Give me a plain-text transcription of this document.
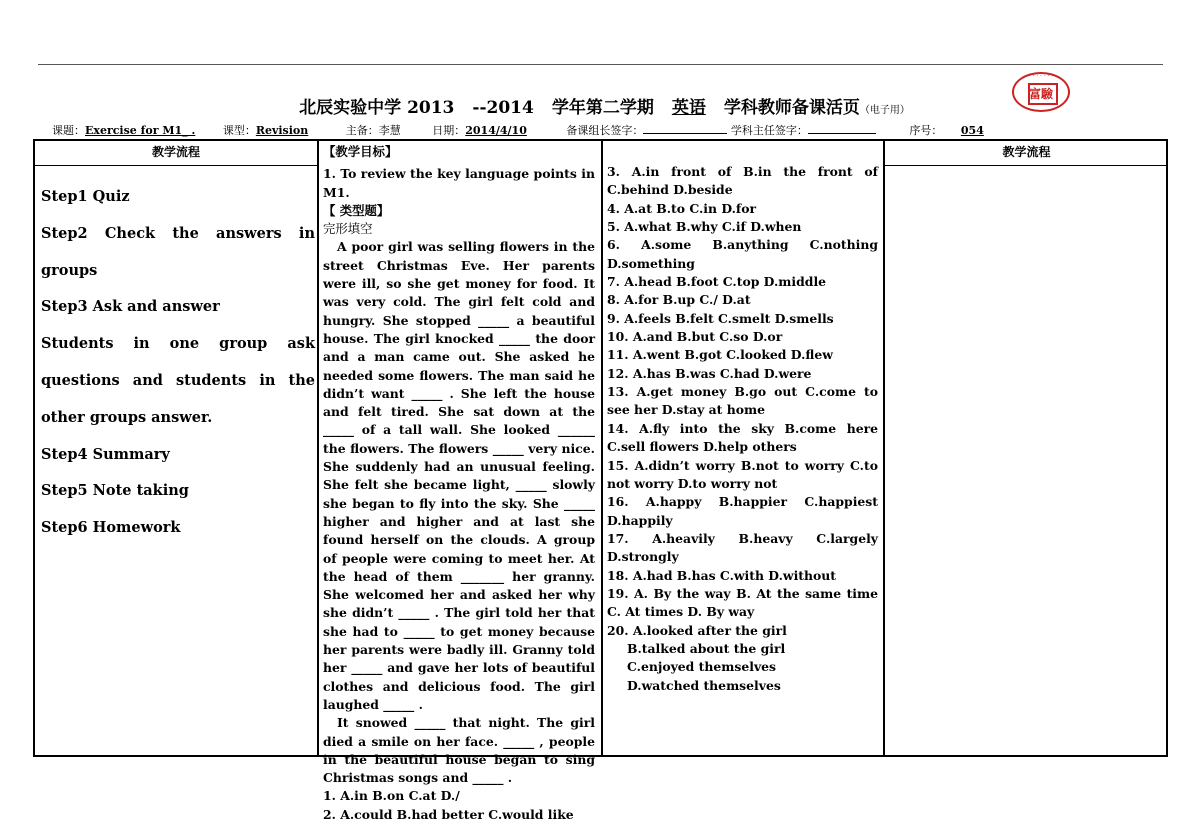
· · · · · · ·
富驗
北辰实验中学 2013 --2014 学年第二学期 英语 学科教师备课活页（电子用）
课题：Exercise for M1_ .	课型：Revision	主备：李慧	日期：2014/4/10	备课组长签字：	学科主任签字：	序号： 054
教学流程	教学流程
Step1 Quiz
Step2 Check the answers in groups
Step3 Ask and answer
Students in one group ask questions and students in the other groups answer.
Step4 Summary
Step5 Note taking
Step6 Homework

【教学目标】

1. To review the key language points in M1.

【 类型题】

完形填空

A poor girl was selling flowers in the street Christmas Eve. Her parents were ill, so she get money for food. It was very cold. The girl felt cold and hungry. She stopped _____ a beautiful house. The girl knocked _____ the door and a man came out. She asked he needed some flowers. The man said he didn’t want _____ . She left the house and felt tired. She sat down at the _____ of a tall wall. She looked ______ the flowers. The flowers _____ very nice. She suddenly had an unusual feeling. She felt she became light, _____ slowly she began to fly into the sky. She _____ higher and higher and at last she found herself on the clouds. A group of people were coming to meet her. At the head of them _______ her granny. She welcomed her and asked her why she didn’t _____ . The girl told her that she had to _____ to get money because her parents were badly ill. Granny told her _____ and gave her lots of beautiful clothes and delicious food. The girl laughed _____ .

It snowed _____ that night. The girl died a smile on her face. _____ , people in the beautiful house began to sing Christmas songs and _____ .

1. A.in B.on C.at D./

2. A.could B.had better C.would like

3. A.in front of B.in the front of C.behind D.beside

4. A.at B.to C.in D.for

5. A.what B.why C.if D.when

6. A.some B.anything C.nothing D.something

7. A.head B.foot C.top D.middle

8. A.for B.up C./ D.at

9. A.feels B.felt C.smelt D.smells

10. A.and B.but C.so D.or

11. A.went B.got C.looked D.flew

12. A.has B.was C.had D.were

13. A.get money B.go out C.come to see her D.stay at home

14. A.fly into the sky B.come here C.sell flowers D.help others

15. A.didn’t worry B.not to worry C.to not worry D.to worry not

16. A.happy B.happier C.happiest D.happily

17. A.heavily B.heavy C.largely D.strongly

18. A.had B.has C.with D.without

19. A. By the way B. At the same time C. At times D. By way

20. A.looked after the girl

B.talked about the girl

C.enjoyed themselves

D.watched themselves
